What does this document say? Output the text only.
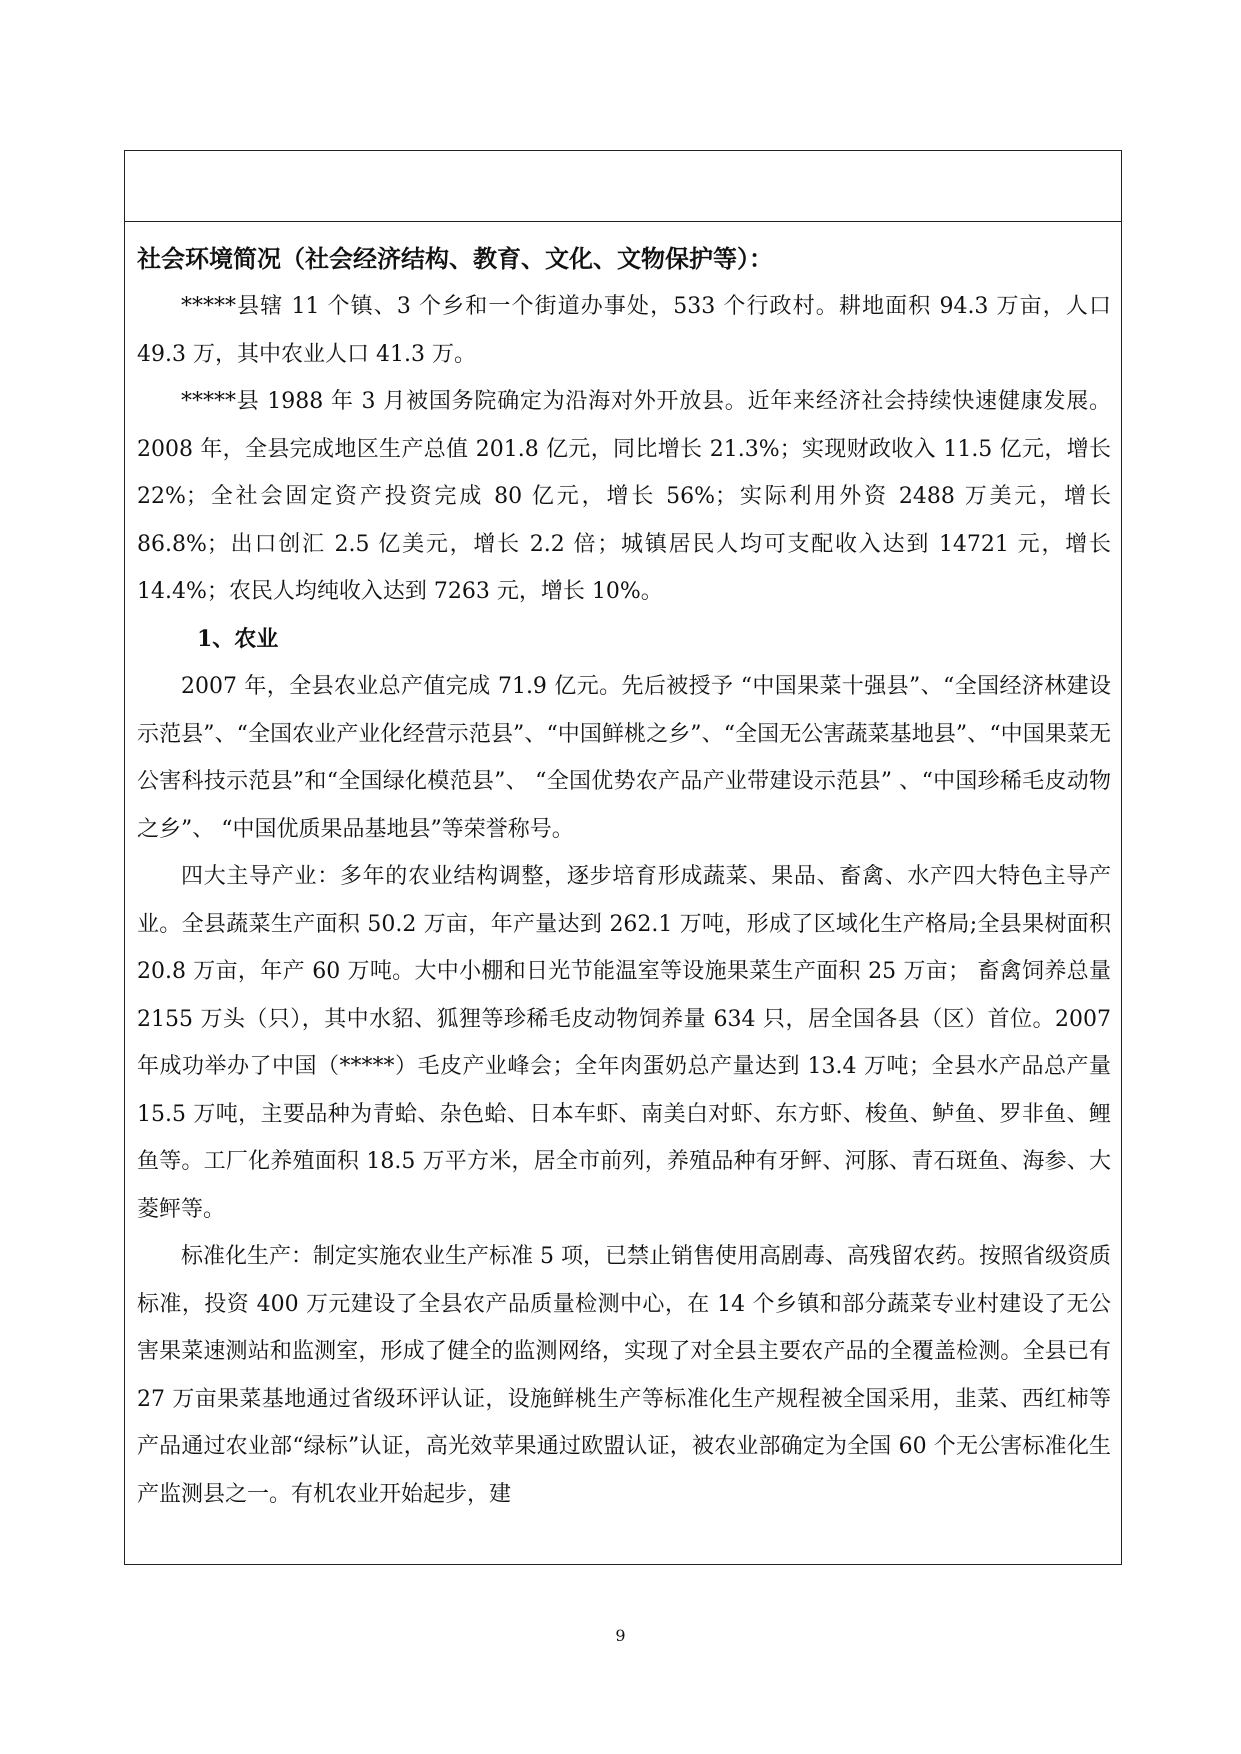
社会环境简况（社会经济结构、教育、文化、文物保护等）：

*****县辖 11 个镇、3 个乡和一个街道办事处，533 个行政村。耕地面积 94.3 万亩，人口 49.3 万，其中农业人口 41.3 万。

*****县 1988 年 3 月被国务院确定为沿海对外开放县。近年来经济社会持续快速健康发展。2008 年，全县完成地区生产总值 201.8 亿元，同比增长 21.3%；实现财政收入 11.5 亿元，增长 22%；全社会固定资产投资完成 80 亿元，增长 56%；实际利用外资 2488 万美元，增长 86.8%；出口创汇 2.5 亿美元，增长 2.2 倍；城镇居民人均可支配收入达到 14721 元，增长 14.4%；农民人均纯收入达到 7263 元，增长 10%。

1、农业

2007 年，全县农业总产值完成 71.9 亿元。先后被授予 “中国果菜十强县”、“全国经济林建设示范县”、“全国农业产业化经营示范县”、“中国鲜桃之乡”、“全国无公害蔬菜基地县”、“中国果菜无公害科技示范县”和“全国绿化模范县”、 “全国优势农产品产业带建设示范县” 、“中国珍稀毛皮动物之乡”、 “中国优质果品基地县”等荣誉称号。

四大主导产业：多年的农业结构调整，逐步培育形成蔬菜、果品、畜禽、水产四大特色主导产业。全县蔬菜生产面积 50.2 万亩，年产量达到 262.1 万吨，形成了区域化生产格局;全县果树面积 20.8 万亩，年产 60 万吨。大中小棚和日光节能温室等设施果菜生产面积 25 万亩； 畜禽饲养总量 2155 万头（只），其中水貂、狐狸等珍稀毛皮动物饲养量 634 只，居全国各县（区）首位。2007 年成功举办了中国（*****）毛皮产业峰会；全年肉蛋奶总产量达到 13.4 万吨；全县水产品总产量 15.5 万吨，主要品种为青蛤、杂色蛤、日本车虾、南美白对虾、东方虾、梭鱼、鲈鱼、罗非鱼、鲤鱼等。工厂化养殖面积 18.5 万平方米，居全市前列，养殖品种有牙鲆、河豚、青石斑鱼、海参、大菱鲆等。

标准化生产：制定实施农业生产标准 5 项，已禁止销售使用高剧毒、高残留农药。按照省级资质标准，投资 400 万元建设了全县农产品质量检测中心，在 14 个乡镇和部分蔬菜专业村建设了无公害果菜速测站和监测室，形成了健全的监测网络，实现了对全县主要农产品的全覆盖检测。全县已有 27 万亩果菜基地通过省级环评认证，设施鲜桃生产等标准化生产规程被全国采用，韭菜、西红柿等产品通过农业部“绿标”认证，高光效苹果通过欧盟认证，被农业部确定为全国 60 个无公害标准化生产监测县之一。有机农业开始起步，建

9
